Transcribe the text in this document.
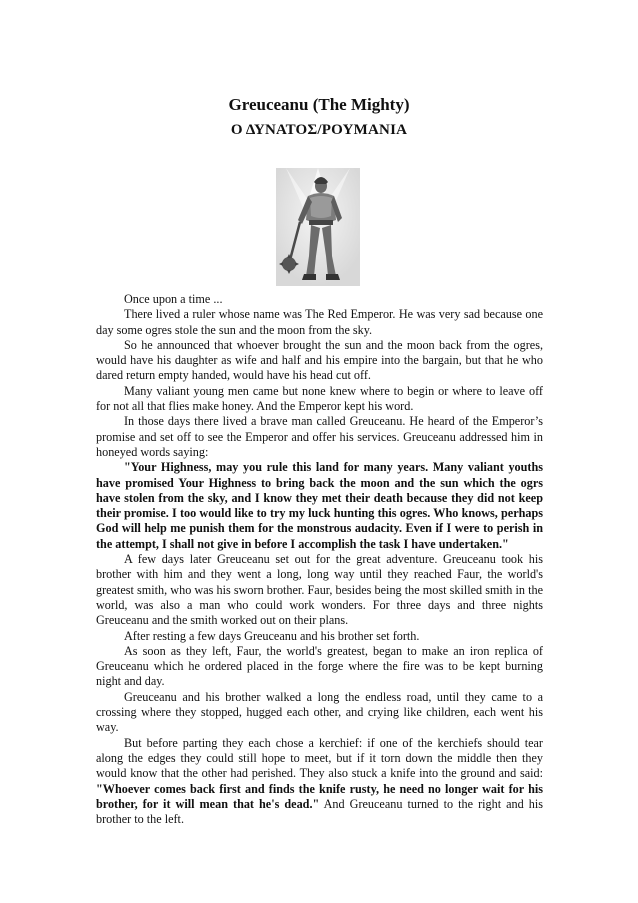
Greuceanu (The Mighty)
Ο ΔΥΝΑΤΟΣ/ΡΟΥΜΑΝΙΑ

Once upon a time ...

There lived a ruler whose name was The Red Emperor. He was very sad because one day some ogres stole the sun and the moon from the sky.

So he announced that whoever brought the sun and the moon back from the ogres, would have his daughter as wife and half and his empire into the bargain, but that he who dared return empty handed, would have his head cut off.

Many valiant young men came but none knew where to begin or where to leave off for not all that flies make honey. And the Emperor kept his word.

In those days there lived a brave man called Greuceanu. He heard of the Emperor’s promise and set off to see the Emperor and offer his services. Greuceanu addressed him in honeyed words saying:

"Your Highness, may you rule this land for many years. Many valiant youths have promised Your Highness to bring back the moon and the sun which the ogrs have stolen from the sky, and I know they met their death because they did not keep their promise. I too would like to try my luck hunting this ogres. Who knows, perhaps God will help me punish them for the monstrous audacity. Even if I were to perish in the attempt, I shall not give in before I accomplish the task I have undertaken."

A few days later Greuceanu set out for the great adventure. Greuceanu took his brother with him and they went a long, long way until they reached Faur, the world's greatest smith, who was his sworn brother. Faur, besides being the most skilled smith in the world, was also a man who could work wonders. For three days and three nights Greuceanu and the smith worked out on their plans.

After resting a few days Greuceanu and his brother set forth.

As soon as they left, Faur, the world's greatest, began to make an iron replica of Greuceanu which he ordered placed in the forge where the fire was to be kept burning night and day.

Greuceanu and his brother walked a long the endless road, until they came to a crossing where they stopped, hugged each other, and crying like children, each went his way.

But before parting they each chose a kerchief: if one of the kerchiefs should tear along the edges they could still hope to meet, but if it torn down the middle then they would know that the other had perished. They also stuck a knife into the ground and said: "Whoever comes back first and finds the knife rusty, he need no longer wait for his brother, for it will mean that he's dead." And Greuceanu turned to the right and his brother to the left.
